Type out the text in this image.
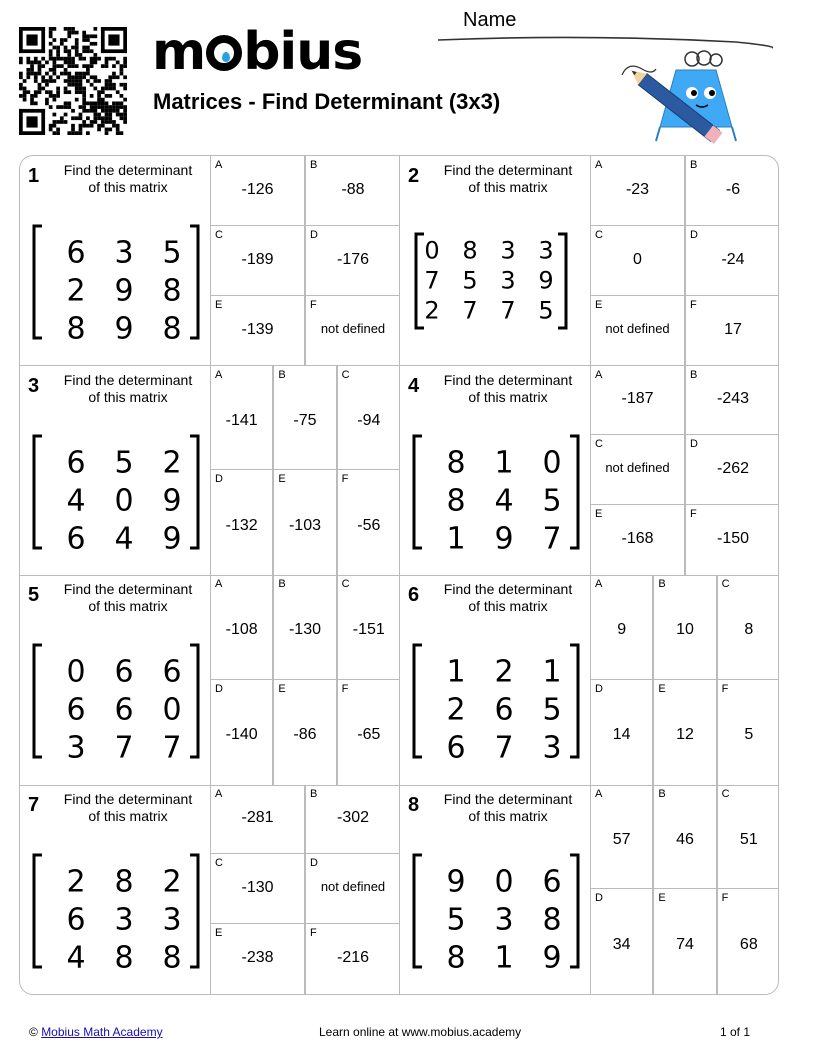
m bius
Matrices - Find Determinant (3x3)
Name
1 Find the determinant of this matrix
6 3 5
2 9 8
8 9 8
A
-126
B
-88
C
-189
D
-176
E
-139
F
not defined
2 Find the determinant of this matrix
0 8 3 3
7 5 3 9
2 7 7 5
A
-23
B
-6
C
0
D
-24
E
not defined
F
17
3 Find the determinant of this matrix
6 5 2
4 0 9
6 4 9
A
-141
B
-75
C
-94
D
-132
E
-103
F
-56
4 Find the determinant of this matrix
8 1 0
8 4 5
1 9 7
A
-187
B
-243
C
not defined
D
-262
E
-168
F
-150
5 Find the determinant of this matrix
0 6 6
6 6 0
3 7 7
A
-108
B
-130
C
-151
D
-140
E
-86
F
-65
6 Find the determinant of this matrix
1 2 1
2 6 5
6 7 3
A
9
B
10
C
8
D
14
E
12
F
5
7 Find the determinant of this matrix
2 8 2
6 3 3
4 8 8
A
-281
B
-302
C
-130
D
not defined
E
-238
F
-216
8 Find the determinant of this matrix
9 0 6
5 3 8
8 1 9
A
57
B
46
C
51
D
34
E
74
F
68
© Mobius Math Academy	Learn online at www.mobius.academy	1 of 1
